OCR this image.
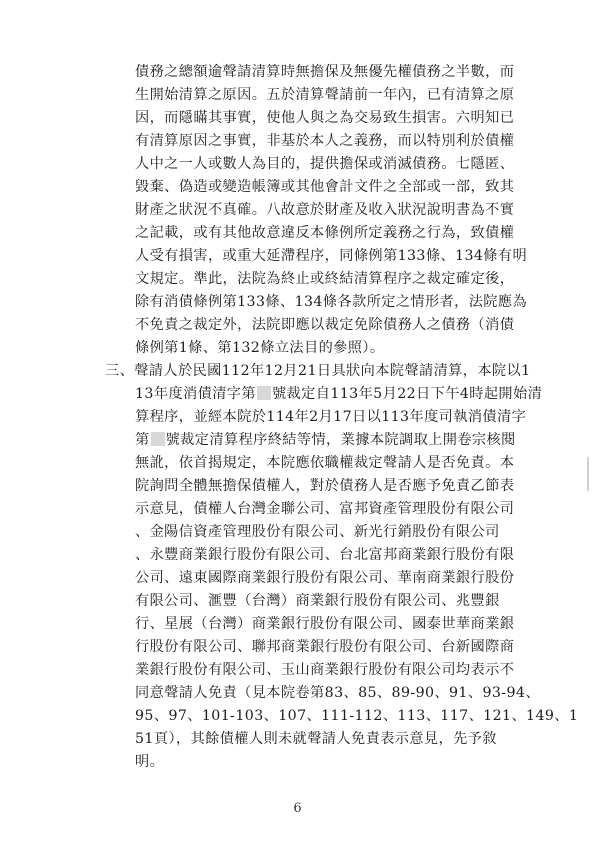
債務之總額逾聲請清算時無擔保及無優先權債務之半數，而
生開始清算之原因。五於清算聲請前一年內，已有清算之原
因，而隱瞞其事實，使他人與之為交易致生損害。六明知已
有清算原因之事實，非基於本人之義務，而以特別利於債權
人中之一人或數人為目的，提供擔保或消滅債務。七隱匿、
毀棄、偽造或變造帳簿或其他會計文件之全部或一部，致其
財產之狀況不真確。八故意於財產及收入狀況說明書為不實
之記載，或有其他故意違反本條例所定義務之行為，致債權
人受有損害，或重大延滯程序，同條例第133條、134條有明
文規定。準此，法院為終止或終結清算程序之裁定確定後，
除有消債條例第133條、134條各款所定之情形者，法院應為
不免責之裁定外，法院即應以裁定免除債務人之債務（消債
條例第1條、第132條立法目的參照）。
三、聲請人於民國112年12月21日具狀向本院聲請清算，本院以1
13年度消債清字第 號裁定自113年5月22日下午4時起開始清
算程序，並經本院於114年2月17日以113年度司執消債清字
第 號裁定清算程序終結等情，業據本院調取上開卷宗核閱
無訛，依首揭規定，本院應依職權裁定聲請人是否免責。本
院詢問全體無擔保債權人，對於債務人是否應予免責乙節表
示意見，債權人台灣金聯公司、富邦資產管理股份有限公司
、金陽信資產管理股份有限公司、新光行銷股份有限公司
、永豐商業銀行股份有限公司、台北富邦商業銀行股份有限
公司、遠東國際商業銀行股份有限公司、華南商業銀行股份
有限公司、滙豐（台灣）商業銀行股份有限公司、兆豐銀
行、星展（台灣）商業銀行股份有限公司、國泰世華商業銀
行股份有限公司、聯邦商業銀行股份有限公司、台新國際商
業銀行股份有限公司、玉山商業銀行股份有限公司均表示不
同意聲請人免責（見本院卷第83、85、89-90、91、93-94、
95、97、101-103、107、111-112、113、117、121、149、1
51頁），其餘債權人則未就聲請人免責表示意見，先予敘
明。
6
